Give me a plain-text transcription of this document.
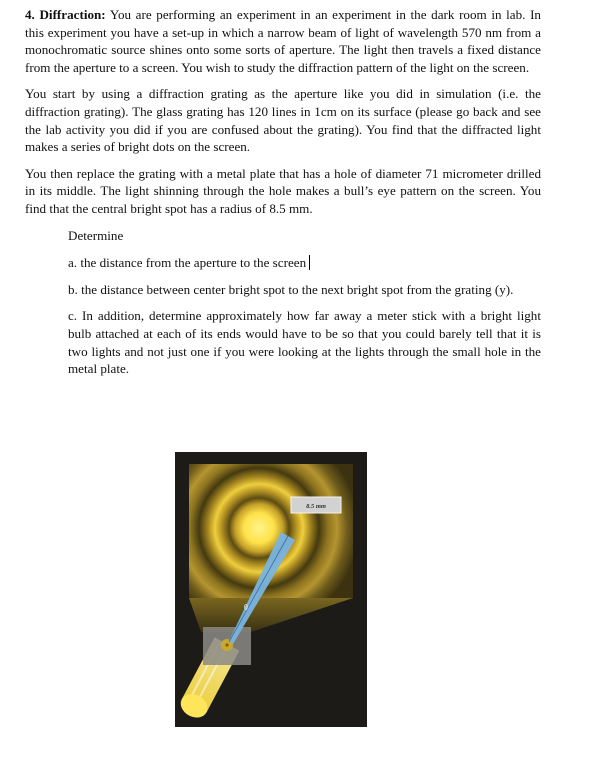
4. Diffraction: You are performing an experiment in an experiment in the dark room in lab. In this experiment you have a set-up in which a narrow beam of light of wavelength 570 nm from a monochromatic source shines onto some sorts of aperture. The light then travels a fixed distance from the aperture to a screen. You wish to study the diffraction pattern of the light on the screen.

You start by using a diffraction grating as the aperture like you did in simulation (i.e. the diffraction grating). The glass grating has 120 lines in 1cm on its surface (please go back and see the lab activity you did if you are confused about the grating). You find that the diffracted light makes a series of bright dots on the screen.

You then replace the grating with a metal plate that has a hole of diameter 71 micrometer drilled in its middle. The light shinning through the hole makes a bull’s eye pattern on the screen. You find that the central bright spot has a radius of 8.5 mm.

Determine

a. the distance from the aperture to the screen

b. the distance between center bright spot to the next bright spot from the grating (y).

c. In addition, determine approximately how far away a meter stick with a bright light bulb attached at each of its ends would have to be so that you could barely tell that it is two lights and not just one if you were looking at the lights through the small hole in the metal plate.

θ
8.5 mm
